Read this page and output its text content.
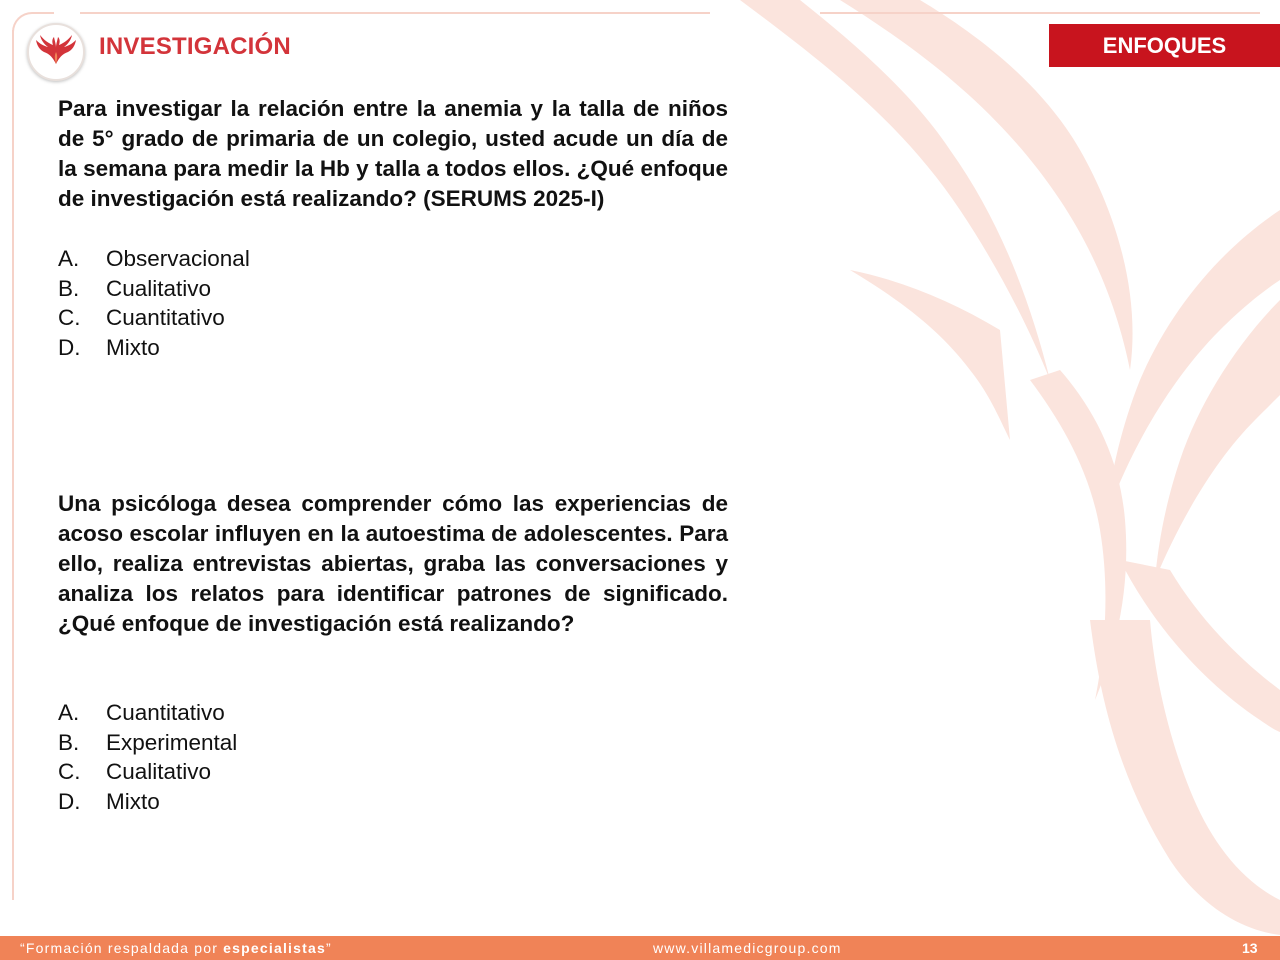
INVESTIGACIÓN	ENFOQUES
Para investigar la relación entre la anemia y la talla de niños de 5° grado de primaria de un colegio, usted acude un día de la semana para medir la Hb y talla a todos ellos. ¿Qué enfoque de investigación está realizando? (SERUMS 2025-I)
A.	Observacional
B.	Cualitativo
C.	Cuantitativo
D.	Mixto
Una psicóloga desea comprender cómo las experiencias de acoso escolar influyen en la autoestima de adolescentes. Para ello, realiza entrevistas abiertas, graba las conversaciones y analiza los relatos para identificar patrones de significado. ¿Qué enfoque de investigación está realizando?
A.	Cuantitativo
B.	Experimental
C.	Cualitativo
D.	Mixto
“Formación respaldada por especialistas”	www.villamedicgroup.com	13
